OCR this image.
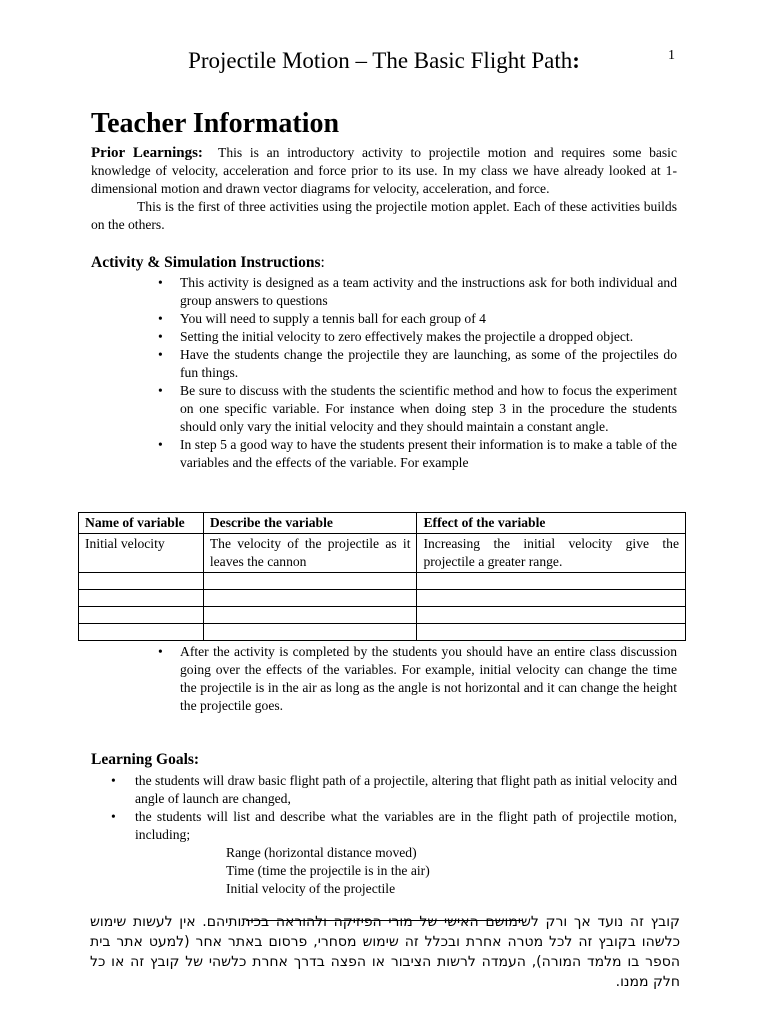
1
Projectile Motion – The Basic Flight Path:
Teacher Information
Prior Learnings: This is an introductory activity to projectile motion and requires some basic knowledge of velocity, acceleration and force prior to its use. In my class we have already looked at 1-dimensional motion and drawn vector diagrams for velocity, acceleration, and force.
This is the first of three activities using the projectile motion applet. Each of these activities builds on the others.
Activity & Simulation Instructions:
• This activity is designed as a team activity and the instructions ask for both individual and group answers to questions
• You will need to supply a tennis ball for each group of 4
• Setting the initial velocity to zero effectively makes the projectile a dropped object.
• Have the students change the projectile they are launching, as some of the projectiles do fun things.
• Be sure to discuss with the students the scientific method and how to focus the experiment on one specific variable. For instance when doing step 3 in the procedure the students should only vary the initial velocity and they should maintain a constant angle.
• In step 5 a good way to have the students present their information is to make a table of the variables and the effects of the variable. For example
Name of variable	Describe the variable	Effect of the variable
Initial velocity	The velocity of the projectile as it leaves the cannon	Increasing the initial velocity give the projectile a greater range.

• After the activity is completed by the students you should have an entire class discussion going over the effects of the variables. For example, initial velocity can change the time the projectile is in the air as long as the angle is not horizontal and it can change the height the projectile goes.
Learning Goals:
• the students will draw basic flight path of a projectile, altering that flight path as initial velocity and angle of launch are changed,
• the students will list and describe what the variables are in the flight path of projectile motion, including;
Range (horizontal distance moved)
Time (time the projectile is in the air)
Initial velocity of the projectile
קובץ זה נועד אך ורק לשימושם האישי של מורי הפיזיקה ולהוראה בכיתותיהם. אין לעשות שימוש כלשהו בקובץ זה לכל מטרה אחרת ובכלל זה שימוש מסחרי, פרסום באתר אחר (למעט אתר בית הספר בו מלמד המורה), העמדה לרשות הציבור או הפצה בדרך אחרת כלשהי של קובץ זה או כל חלק ממנו.
